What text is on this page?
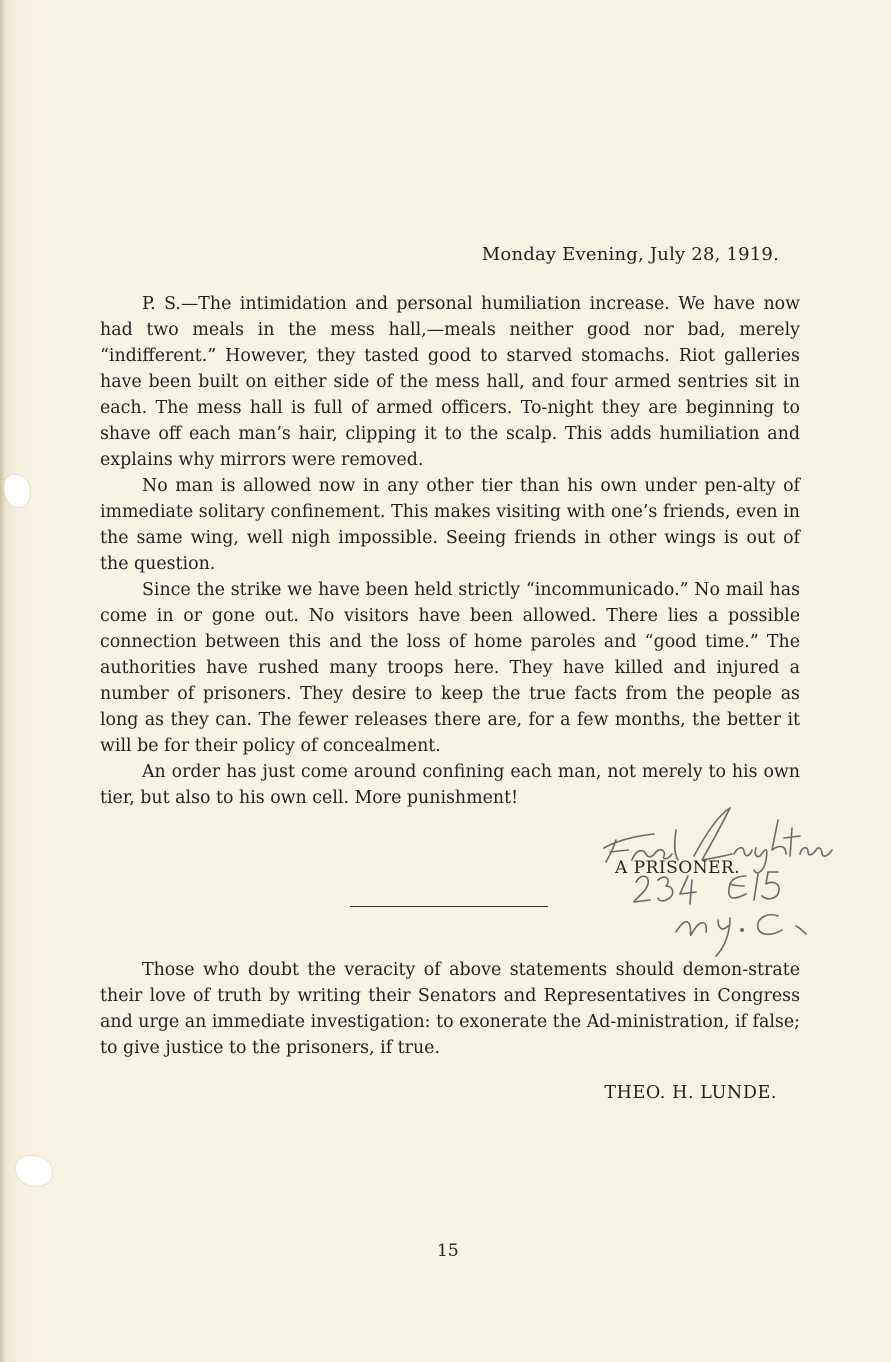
Monday Evening, July 28, 1919.

P. S.—The intimidation and personal humiliation increase. We have now had two meals in the mess hall,—meals neither good nor bad, merely “indifferent.” However, they tasted good to starved stomachs. Riot galleries have been built on either side of the mess hall, and four armed sentries sit in each. The mess hall is full of armed officers. To-night they are beginning to shave off each man’s hair, clipping it to the scalp. This adds humiliation and explains why mirrors were removed.

No man is allowed now in any other tier than his own under pen-alty of immediate solitary confinement. This makes visiting with one’s friends, even in the same wing, well nigh impossible. Seeing friends in other wings is out of the question.

Since the strike we have been held strictly “incommunicado.” No mail has come in or gone out. No visitors have been allowed. There lies a possible connection between this and the loss of home paroles and “good time.” The authorities have rushed many troops here. They have killed and injured a number of prisoners. They desire to keep the true facts from the people as long as they can. The fewer releases there are, for a few months, the better it will be for their policy of concealment.

An order has just come around confining each man, not merely to his own tier, but also to his own cell. More punishment!

A PRISONER.

Those who doubt the veracity of above statements should demon-strate their love of truth by writing their Senators and Representatives in Congress and urge an immediate investigation: to exonerate the Ad-ministration, if false; to give justice to the prisoners, if true.

THEO. H. LUNDE.
15
